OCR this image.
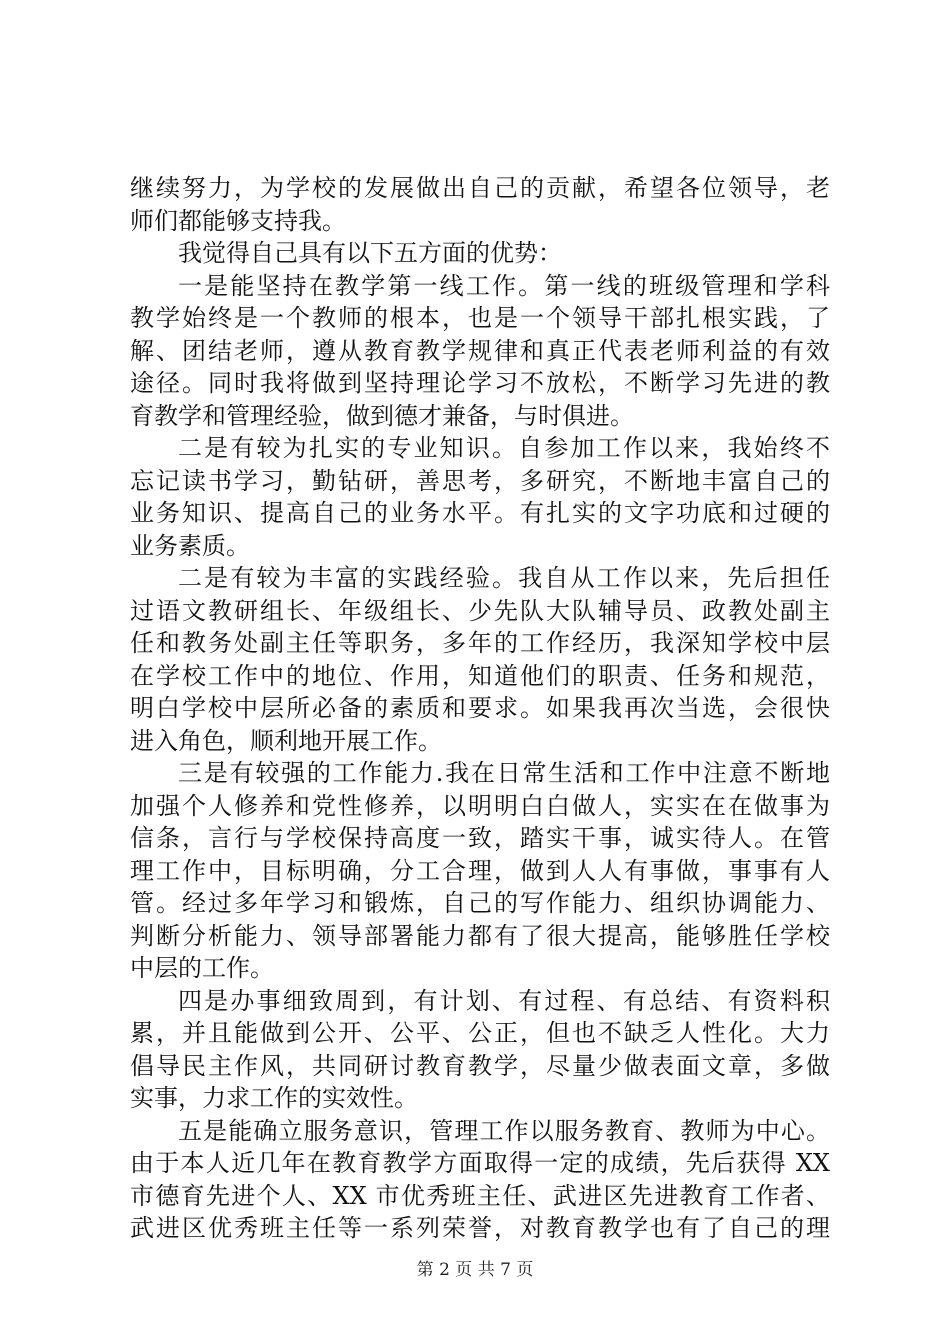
继续努力，为学校的发展做出自己的贡献，希望各位领导，老
师们都能够支持我。
我觉得自己具有以下五方面的优势：
一是能坚持在教学第一线工作。第一线的班级管理和学科
教学始终是一个教师的根本，也是一个领导干部扎根实践，了
解、团结老师，遵从教育教学规律和真正代表老师利益的有效
途径。同时我将做到坚持理论学习不放松，不断学习先进的教
育教学和管理经验，做到德才兼备，与时俱进。
二是有较为扎实的专业知识。自参加工作以来，我始终不
忘记读书学习，勤钻研，善思考，多研究，不断地丰富自己的
业务知识、提高自己的业务水平。有扎实的文字功底和过硬的
业务素质。
二是有较为丰富的实践经验。我自从工作以来，先后担任
过语文教研组长、年级组长、少先队大队辅导员、政教处副主
任和教务处副主任等职务，多年的工作经历，我深知学校中层
在学校工作中的地位、作用，知道他们的职责、任务和规范，
明白学校中层所必备的素质和要求。如果我再次当选，会很快
进入角色，顺利地开展工作。
三是有较强的工作能力.我在日常生活和工作中注意不断地
加强个人修养和党性修养，以明明白白做人，实实在在做事为
信条，言行与学校保持高度一致，踏实干事，诚实待人。在管
理工作中，目标明确，分工合理，做到人人有事做，事事有人
管。经过多年学习和锻炼，自己的写作能力、组织协调能力、
判断分析能力、领导部署能力都有了很大提高，能够胜任学校
中层的工作。
四是办事细致周到，有计划、有过程、有总结、有资料积
累，并且能做到公开、公平、公正，但也不缺乏人性化。大力
倡导民主作风，共同研讨教育教学，尽量少做表面文章，多做
实事，力求工作的实效性。
五是能确立服务意识，管理工作以服务教育、教师为中心。
由于本人近几年在教育教学方面取得一定的成绩，先后获得 XX
市德育先进个人、XX 市优秀班主任、武进区先进教育工作者、
武进区优秀班主任等一系列荣誉，对教育教学也有了自己的理
第 2 页 共 7 页
